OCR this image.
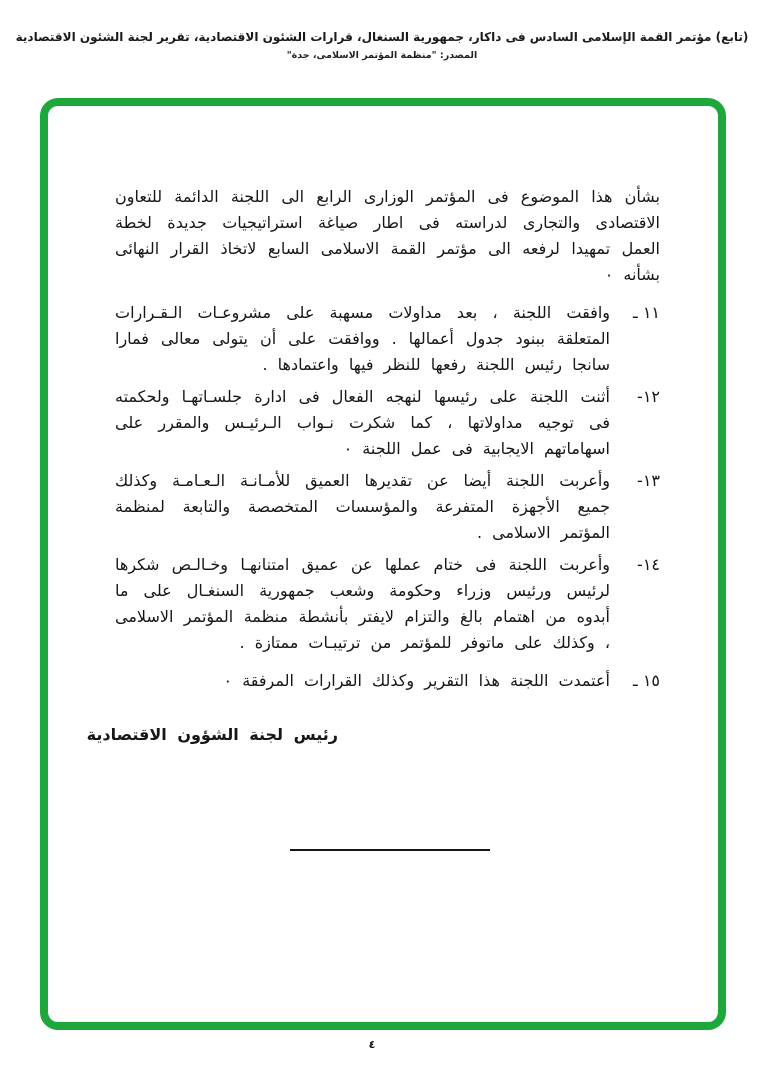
(تابع) مؤتمر القمة الإسلامى السادس فى داكار، جمهورية السنغال، قرارات الشئون الاقتصادية، تقرير لجنة الشئون الاقتصادية
المصدر: "منظمة المؤتمر الاسلامى، جدة"

بشأن هذا الموضوع فى المؤتمر الوزارى الرابع الى اللجنة الدائمة للتعاون الاقتصادى والتجارى لدراسته فى اطار صياغة استراتيجيات جديدة لخطة العمل تمهيدا لرفعه الى مؤتمر القمة الاسلامى السابع لاتخاذ القرار النهائى بشأنه ٠

١١ ـ
وافقت اللجنة ، بعد مداولات مسهبة على مشروعـات الـقـرارات المتعلقة ببنود جدول أعمالها . ووافقت على أن يتولى معالى فمارا سانجا رئيس اللجنة رفعها للنظر فيها واعتمادها .
١٢-
أثنت اللجنة على رئيسها لنهجه الفعال فى ادارة جلسـاتهـا ولحكمته فى توجيه مداولاتها ، كما شكرت نـواب الـرئيـس والمقرر على اسهاماتهم الايجابية فى عمل اللجنة ٠
١٣-
وأعربت اللجنة أيضا عن تقديرها العميق للأمـانـة الـعـامـة وكذلك جميع الأجهزة المتفرعة والمؤسسات المتخصصة والتابعة لمنظمة المؤتمر الاسلامى .
١٤-
وأعربت اللجنة فى ختام عملها عن عميق امتنانهـا وخـالـص شكرها لرئيس ورئيس وزراء وحكومة وشعب جمهورية السنغـال على ما أبدوه من اهتمام بالغ والتزام لايفتر بأنشطة منظمة المؤتمر الاسلامى ، وكذلك على ماتوفر للمؤتمر من ترتيبـات ممتازة .
١٥ ـ
أعتمدت اللجنة هذا التقرير وكذلك القرارات المرفقة ٠
رئيس لجنة الشؤون الاقتصادية
٤
